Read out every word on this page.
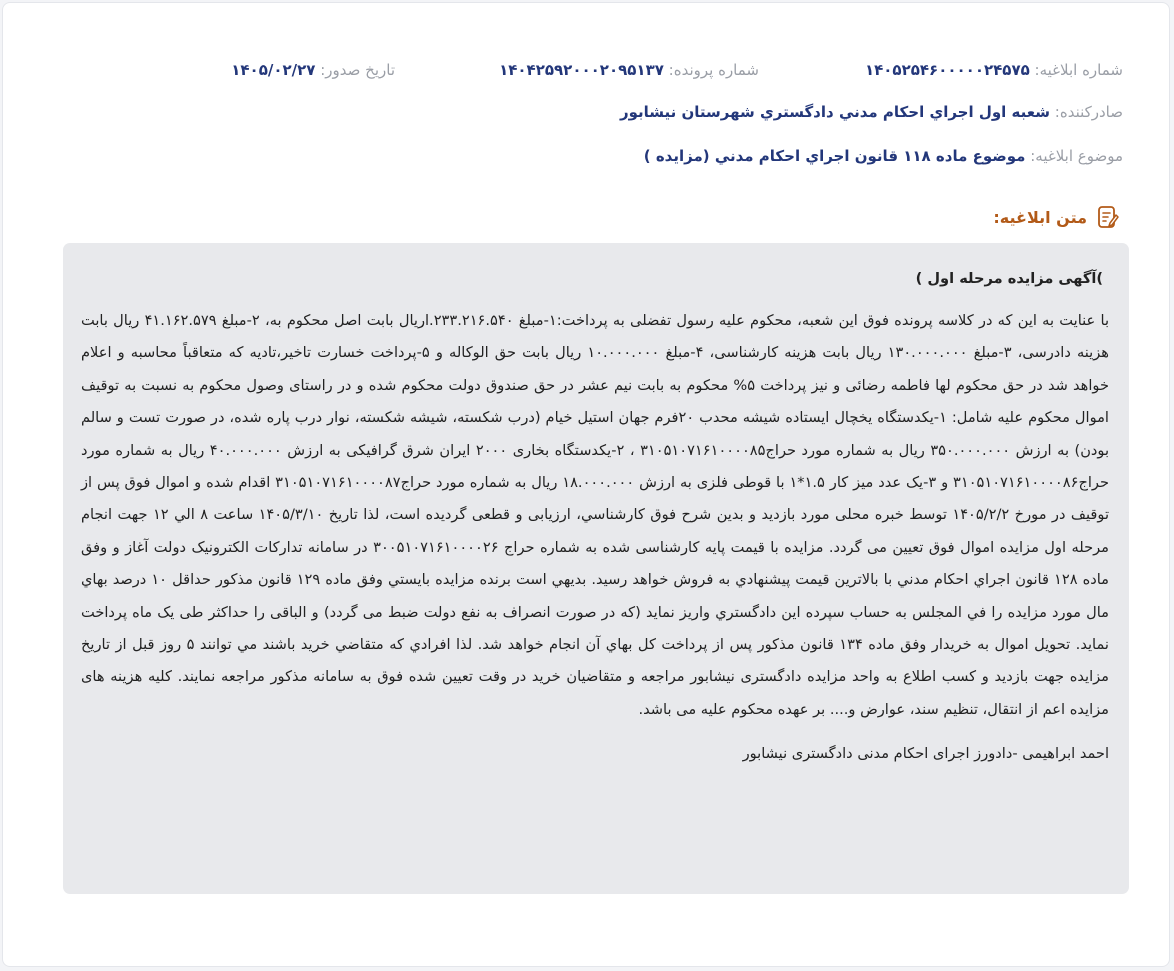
شماره ابلاغیه: ۱۴۰۵۲۵۴۶۰۰۰۰۰۲۴۵۷۵
شماره پرونده: ۱۴۰۴۲۵۹۲۰۰۰۲۰۹۵۱۳۷
تاریخ صدور: ۱۴۰۵/۰۲/۲۷
صادرکننده: شعبه اول اجراي احكام مدني دادگستري شهرستان نيشابور
موضوع ابلاغیه: موضوع ماده ۱۱۸ قانون اجراي احكام مدني (مزايده )
متن ابلاغیه:
)آگهی مزایده مرحله اول )

با عنایت به این که در کلاسه پرونده فوق این شعبه، محکوم علیه رسول تفضلی به پرداخت:۱-مبلغ ۲۳۳.۲۱۶.۵۴۰.اریال بابت اصل محکوم به، ۲-مبلغ ۴۱.۱۶۲.۵۷۹ ریال بابت هزینه دادرسی، ۳-مبلغ ۱۳۰.۰۰۰.۰۰۰ ریال بابت هزینه کارشناسی، ۴-مبلغ ۱۰.۰۰۰.۰۰۰ ریال بابت حق الوکاله و ۵-پرداخت خسارت تاخیر،تادیه که متعاقباً محاسبه و اعلام خواهد شد در حق محکوم لها فاطمه رضائی و نیز پرداخت ۵% محکوم به بابت نیم عشر در حق صندوق دولت محکوم شده و در راستای وصول محکوم به نسبت به توقیف اموال محکوم علیه شامل: ۱-یکدستگاه یخچال ایستاده شیشه محدب ۲۰فرم جهان استیل خیام (درب شکسته، شیشه شکسته، نوار درب پاره شده، در صورت تست و سالم بودن) به ارزش ۳۵۰.۰۰۰.۰۰۰ ریال به شماره مورد حراج۳۱۰۵۱۰۷۱۶۱۰۰۰۰۸۵ ، ۲-یکدستگاه بخاری ۲۰۰۰ ایران شرق گرافیکی به ارزش ۴۰.۰۰۰.۰۰۰ ریال به شماره مورد حراج۳۱۰۵۱۰۷۱۶۱۰۰۰۰۸۶ و ۳-یک عدد میز کار ۱.۵*۱ با قوطی فلزی به ارزش ۱۸.۰۰۰.۰۰۰ ریال به شماره مورد حراج۳۱۰۵۱۰۷۱۶۱۰۰۰۰۸۷ اقدام شده و اموال فوق پس از توقیف در مورخ ۱۴۰۵/۲/۲ توسط خبره محلی مورد بازدید و بدین شرح فوق کارشناسي، ارزيابی و قطعی گردیده است، لذا تاریخ ۱۴۰۵/۳/۱۰ ساعت ۸ الي ۱۲ جهت انجام مرحله اول مزایده اموال فوق تعیین می گردد. مزایده با قیمت پایه کارشناسی شده به شماره حراج ۳۰۰۵۱۰۷۱۶۱۰۰۰۰۲۶ در سامانه تدارکات الکترونیک دولت آغاز و وفق ماده ۱۲۸ قانون اجراي احكام مدني با بالاترین قیمت پیشنهادي به فروش خواهد رسید. بديهي است برنده مزايده بايستي وفق ماده ۱۲۹ قانون مذکور حداقل ۱۰ درصد بهاي مال مورد مزايده را في المجلس به حساب سپرده اين دادگستري واريز نمايد (که در صورت انصراف به نفع دولت ضبط می گردد) و الباقی را حداکثر طی یک ماه پرداخت نماید. تحويل اموال به خريدار وفق ماده ۱۳۴ قانون مذكور پس از پرداخت كل بهاي آن انجام خواهد شد. لذا افرادي كه متقاضي خريد باشند مي توانند ۵ روز قبل از تاريخ مزايده جهت بازديد و کسب اطلاع به واحد مزايده دادگستری نیشابور مراجعه و متقاضيان خريد در وقت تعيين شده فوق به سامانه مذکور مراجعه نمایند. کلیه هزینه های مزایده اعم از انتقال، تنظیم سند، عوارض و.... بر عهده محکوم علیه می باشد.

احمد ابراهیمی -دادورز اجرای احکام مدنی دادگستری نیشابور
